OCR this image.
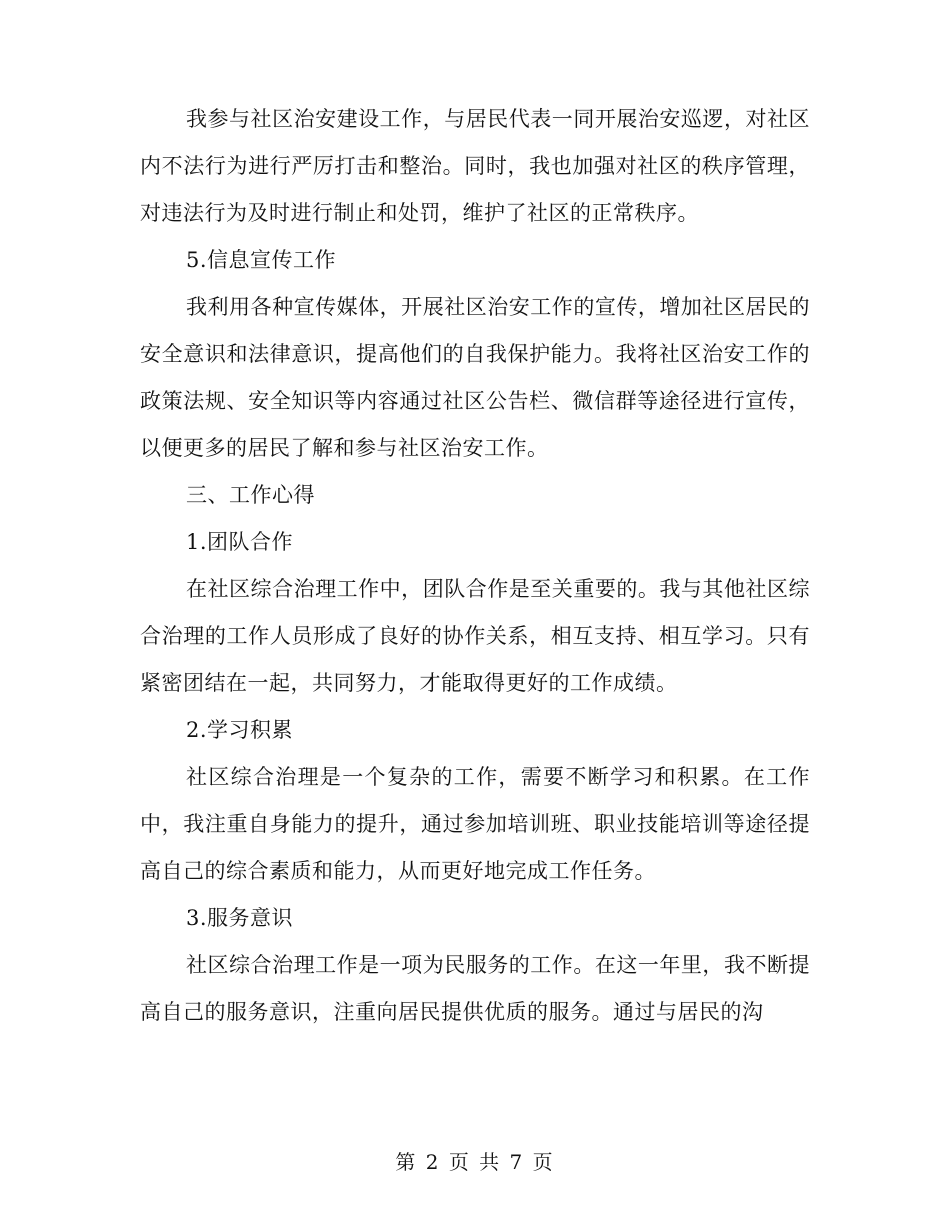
我参与社区治安建设工作，与居民代表一同开展治安巡逻，对社区内不法行为进行严厉打击和整治。同时，我也加强对社区的秩序管理，对违法行为及时进行制止和处罚，维护了社区的正常秩序。

5.信息宣传工作

我利用各种宣传媒体，开展社区治安工作的宣传，增加社区居民的安全意识和法律意识，提高他们的自我保护能力。我将社区治安工作的政策法规、安全知识等内容通过社区公告栏、微信群等途径进行宣传，以便更多的居民了解和参与社区治安工作。

三、工作心得

1.团队合作

在社区综合治理工作中，团队合作是至关重要的。我与其他社区综合治理的工作人员形成了良好的协作关系，相互支持、相互学习。只有紧密团结在一起，共同努力，才能取得更好的工作成绩。

2.学习积累

社区综合治理是一个复杂的工作，需要不断学习和积累。在工作中，我注重自身能力的提升，通过参加培训班、职业技能培训等途径提高自己的综合素质和能力，从而更好地完成工作任务。

3.服务意识

社区综合治理工作是一项为民服务的工作。在这一年里，我不断提高自己的服务意识，注重向居民提供优质的服务。通过与居民的沟

第 2 页 共 7 页
